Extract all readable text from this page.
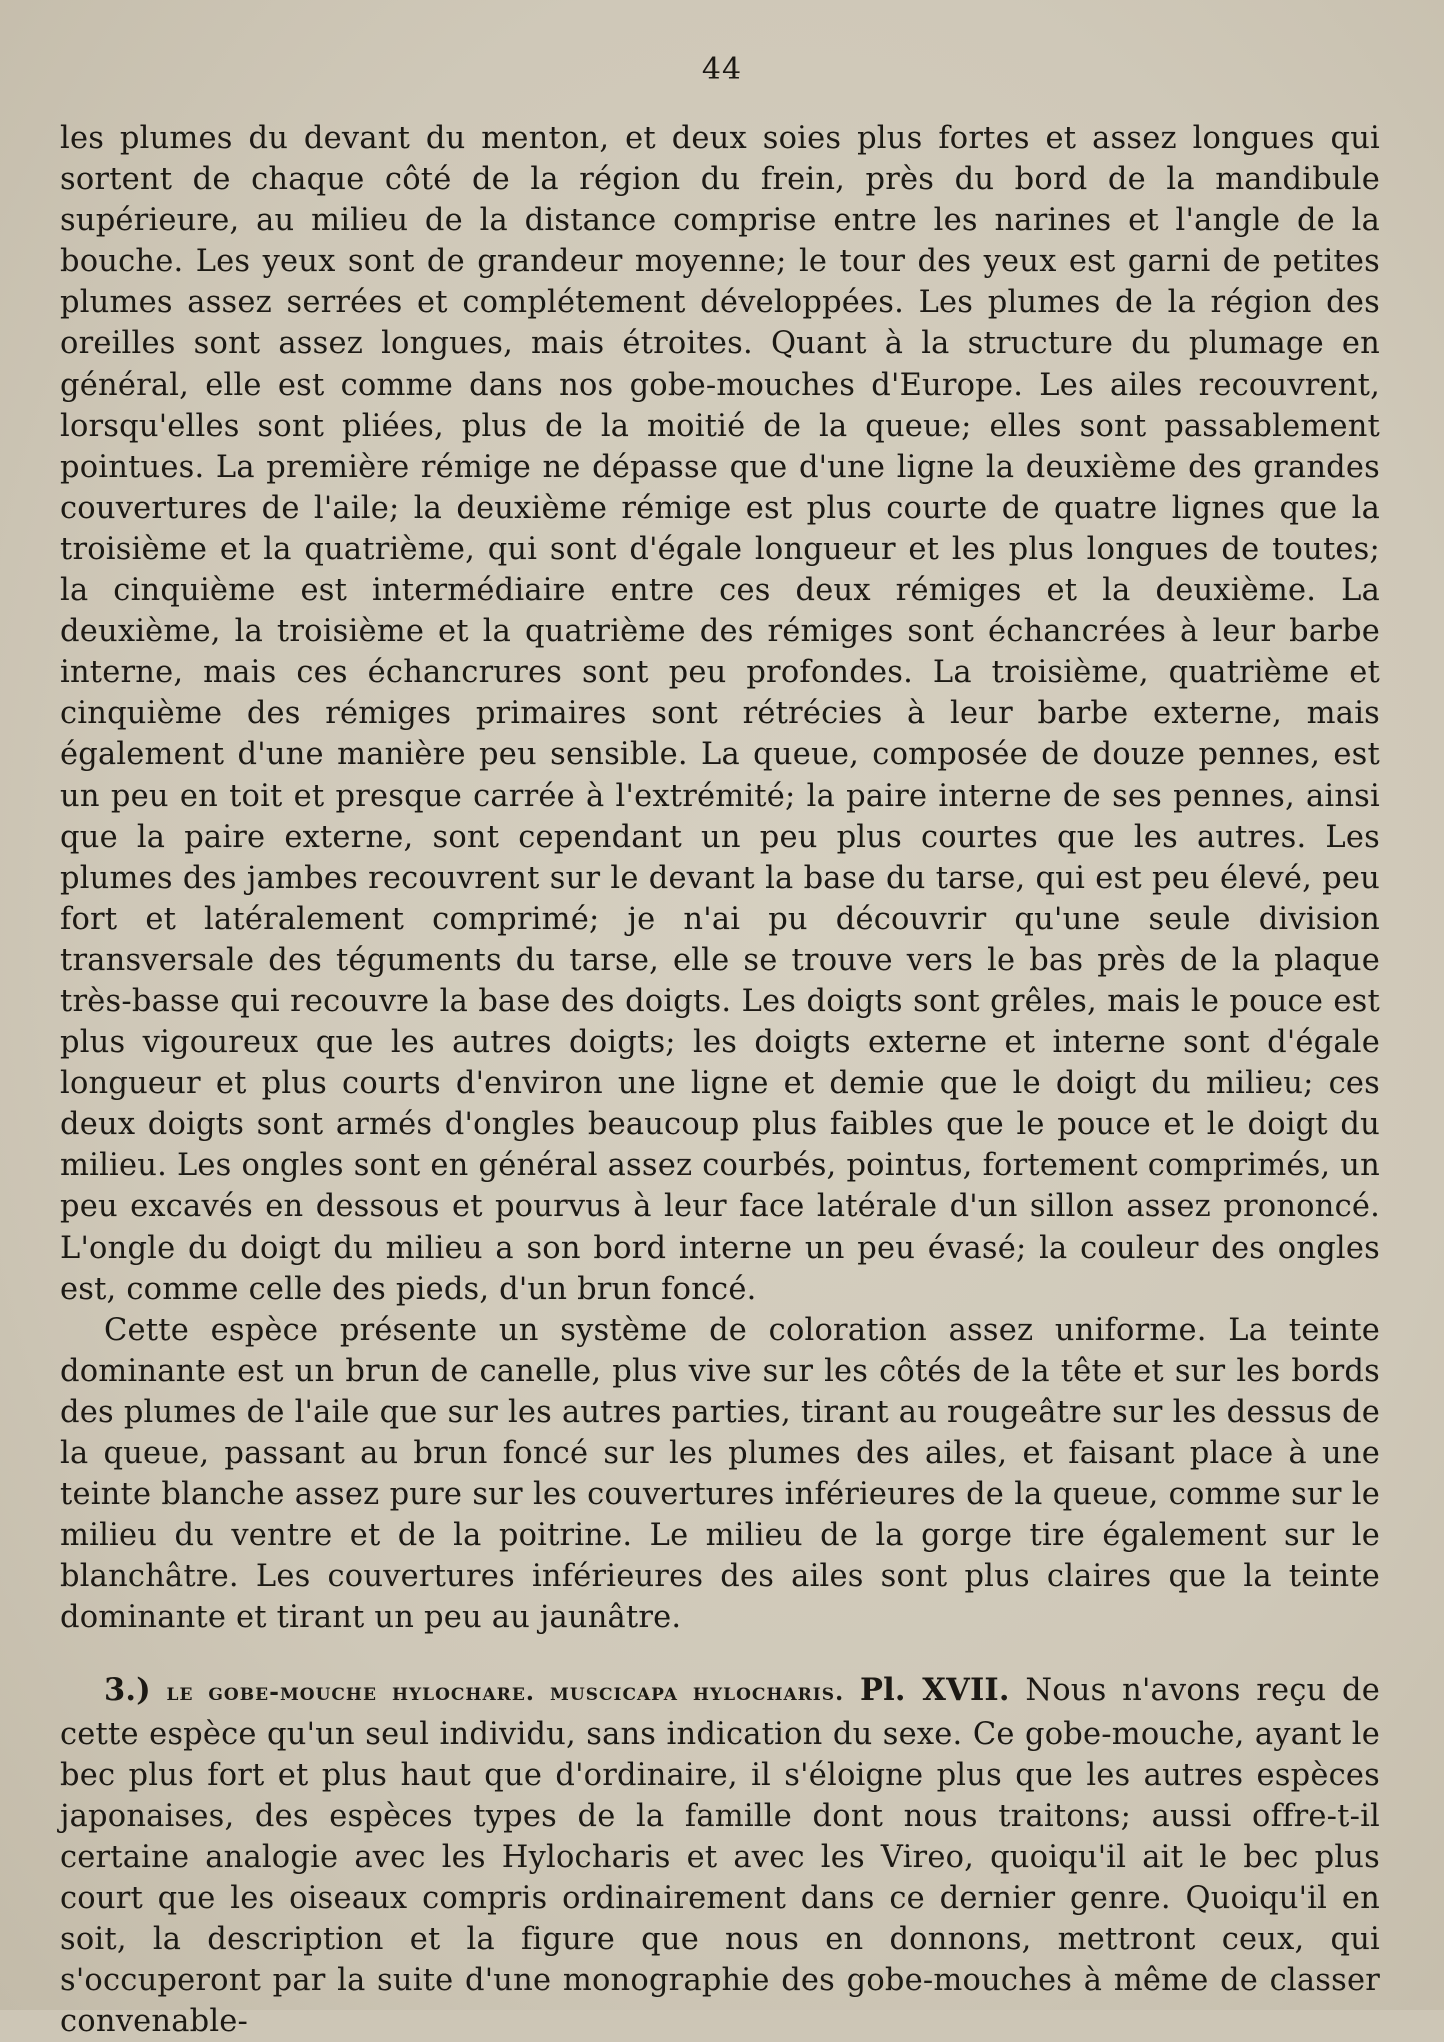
44

les plumes du devant du menton, et deux soies plus fortes et assez longues qui sortent de chaque côté de la région du frein, près du bord de la mandibule supérieure, au milieu de la distance comprise entre les narines et l'angle de la bouche. Les yeux sont de grandeur moyenne; le tour des yeux est garni de petites plumes assez serrées et complétement développées. Les plumes de la région des oreilles sont assez longues, mais étroites. Quant à la structure du plumage en général, elle est comme dans nos gobe-mouches d'Europe. Les ailes recouvrent, lorsqu'elles sont pliées, plus de la moitié de la queue; elles sont passablement pointues. La première rémige ne dépasse que d'une ligne la deuxième des grandes couvertures de l'aile; la deuxième rémige est plus courte de quatre lignes que la troisième et la quatrième, qui sont d'égale longueur et les plus longues de toutes; la cinquième est intermédiaire entre ces deux rémiges et la deuxième. La deuxième, la troisième et la quatrième des rémiges sont échancrées à leur barbe interne, mais ces échancrures sont peu profondes. La troisième, quatrième et cinquième des rémiges primaires sont rétrécies à leur barbe externe, mais également d'une manière peu sensible. La queue, composée de douze pennes, est un peu en toit et presque carrée à l'extrémité; la paire interne de ses pennes, ainsi que la paire externe, sont cependant un peu plus courtes que les autres. Les plumes des jambes recouvrent sur le devant la base du tarse, qui est peu élevé, peu fort et latéralement comprimé; je n'ai pu découvrir qu'une seule division transversale des téguments du tarse, elle se trouve vers le bas près de la plaque très-basse qui recouvre la base des doigts. Les doigts sont grêles, mais le pouce est plus vigoureux que les autres doigts; les doigts externe et interne sont d'égale longueur et plus courts d'environ une ligne et demie que le doigt du milieu; ces deux doigts sont armés d'ongles beaucoup plus faibles que le pouce et le doigt du milieu. Les ongles sont en général assez courbés, pointus, fortement comprimés, un peu excavés en dessous et pourvus à leur face latérale d'un sillon assez prononcé. L'ongle du doigt du milieu a son bord interne un peu évasé; la couleur des ongles est, comme celle des pieds, d'un brun foncé.

Cette espèce présente un système de coloration assez uniforme. La teinte dominante est un brun de canelle, plus vive sur les côtés de la tête et sur les bords des plumes de l'aile que sur les autres parties, tirant au rougeâtre sur les dessus de la queue, passant au brun foncé sur les plumes des ailes, et faisant place à une teinte blanche assez pure sur les couvertures inférieures de la queue, comme sur le milieu du ventre et de la poitrine. Le milieu de la gorge tire également sur le blanchâtre. Les couvertures inférieures des ailes sont plus claires que la teinte dominante et tirant un peu au jaunâtre.

3.) le gobe-mouche hylochare. muscicapa hylocharis. Pl. XVII. Nous n'avons reçu de cette espèce qu'un seul individu, sans indication du sexe. Ce gobe-mouche, ayant le bec plus fort et plus haut que d'ordinaire, il s'éloigne plus que les autres espèces japonaises, des espèces types de la famille dont nous traitons; aussi offre-t-il certaine analogie avec les Hylocharis et avec les Vireo, quoiqu'il ait le bec plus court que les oiseaux compris ordinairement dans ce dernier genre. Quoiqu'il en soit, la description et la figure que nous en donnons, mettront ceux, qui s'occuperont par la suite d'une monographie des gobe-mouches à même de classer convenable-
